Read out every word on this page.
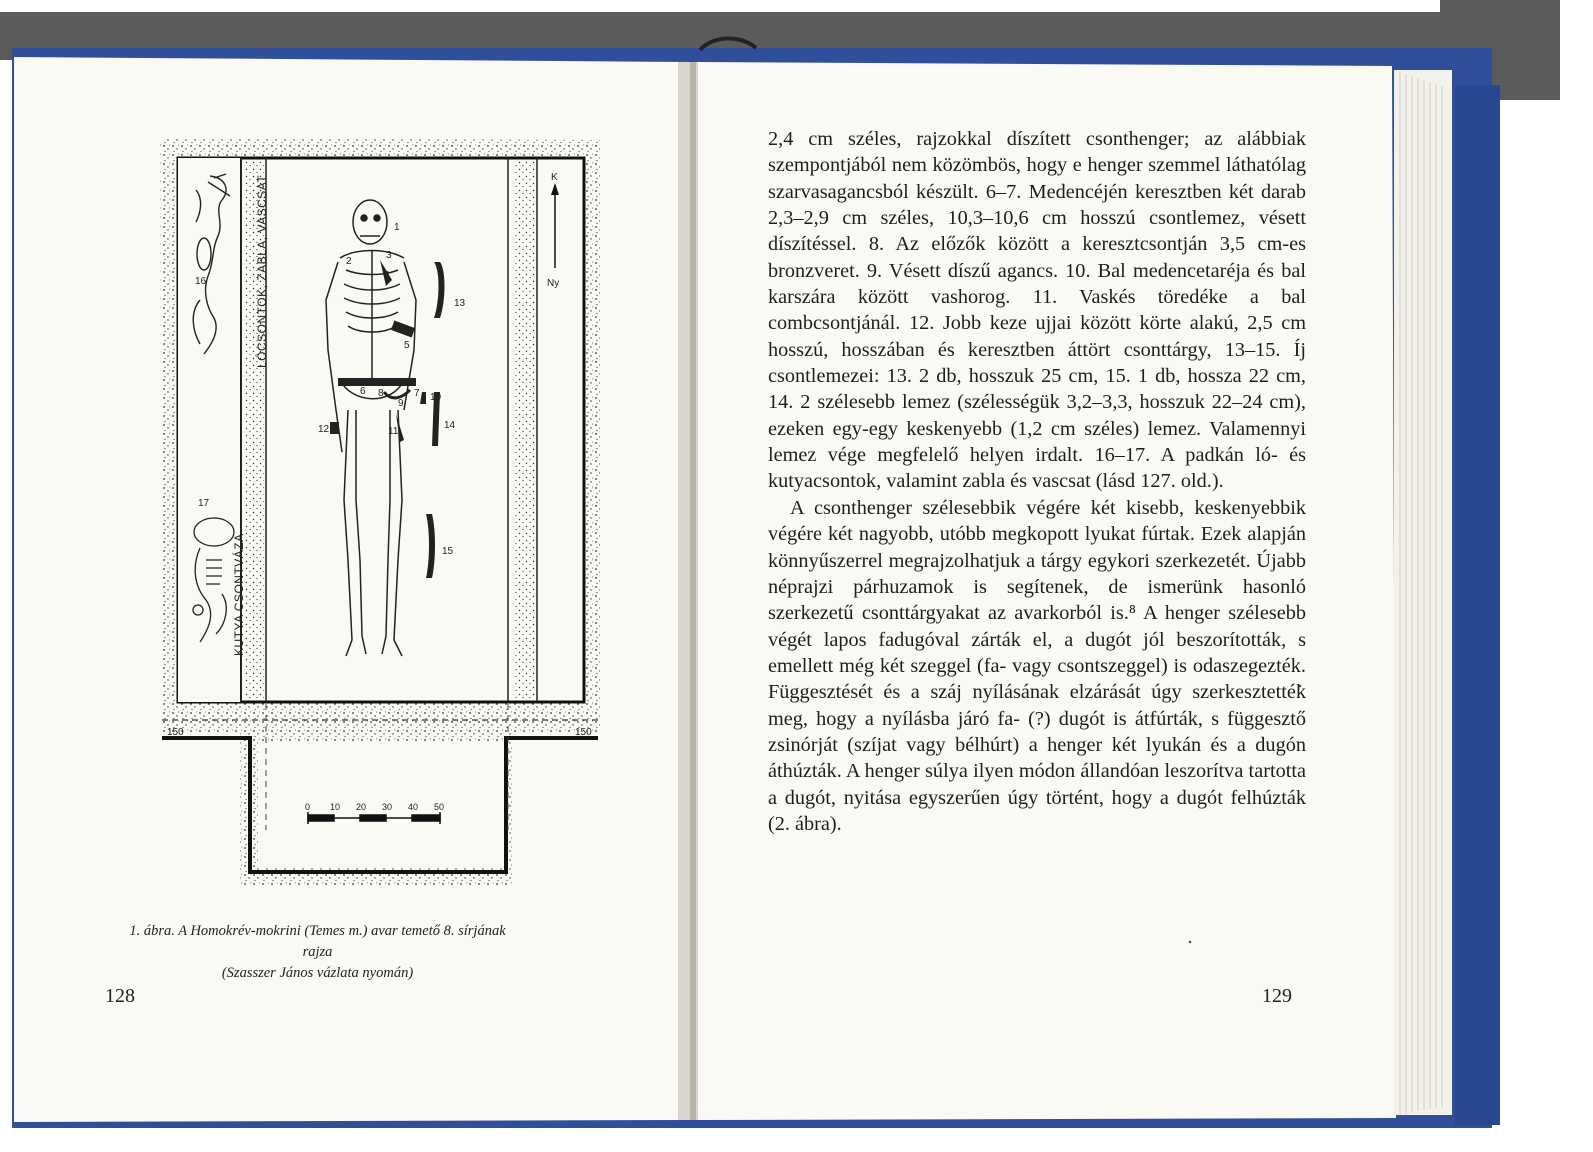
LÓCSONTOK, ZABLA, VASCSAT
KUTYA CSONTVÁZA
K
Ny
150	150
1
2
3
4
5
6	7
8
9
10
11
12
13
14
15
16
17
0 10 20 30 40 50
1. ábra. A Homokrév-mokrini (Temes m.) avar temető 8. sírjának rajza
(Szasszer János vázlata nyomán)
128	129

2,4 cm széles, rajzokkal díszített csonthenger; az alábbiak szempontjából nem közömbös, hogy e henger szemmel láthatólag szarvasagancsból készült. 6–7. Medencéjén keresztben két darab 2,3–2,9 cm széles, 10,3–10,6 cm hosszú csontlemez, vésett díszítéssel. 8. Az előzők között a keresztcsontján 3,5 cm-es bronzveret. 9. Vésett díszű agancs. 10. Bal medencetaréja és bal karszára között vashorog. 11. Vaskés töredéke a bal combcsontjánál. 12. Jobb keze ujjai között körte alakú, 2,5 cm hosszú, hosszában és keresztben áttört csonttárgy, 13–15. Íj csontlemezei: 13. 2 db, hosszuk 25 cm, 15. 1 db, hossza 22 cm, 14. 2 szélesebb lemez (szélességük 3,2–3,3, hosszuk 22–24 cm), ezeken egy-egy keskenyebb (1,2 cm széles) lemez. Valamennyi lemez vége megfelelő helyen irdalt. 16–17. A padkán ló- és kutyacsontok, valamint zabla és vascsat (lásd 127. old.).

A csonthenger szélesebbik végére két kisebb, keskenyebbik végére két nagyobb, utóbb megkopott lyukat fúrtak. Ezek alapján könnyűszerrel megrajzolhatjuk a tárgy egykori szerkezetét. Újabb néprajzi párhuzamok is segítenek, de ismerünk hasonló szerkezetű csonttárgyakat az avarkorból is.⁸ A henger szélesebb végét lapos fadugóval zárták el, a dugót jól beszorították, s emellett még két szeggel (fa- vagy csontszeggel) is odaszegezték. Függesztését és a száj nyílásának elzárását úgy szerkesztették meg, hogy a nyílásba járó fa- (?) dugót is átfúrták, s függesztő zsinórját (szíjat vagy bélhúrt) a henger két lyukán és a dugón áthúzták. A henger súlya ilyen módon állandóan leszorítva tartotta a dugót, nyitása egyszerűen úgy történt, hogy a dugót felhúzták (2. ábra).
